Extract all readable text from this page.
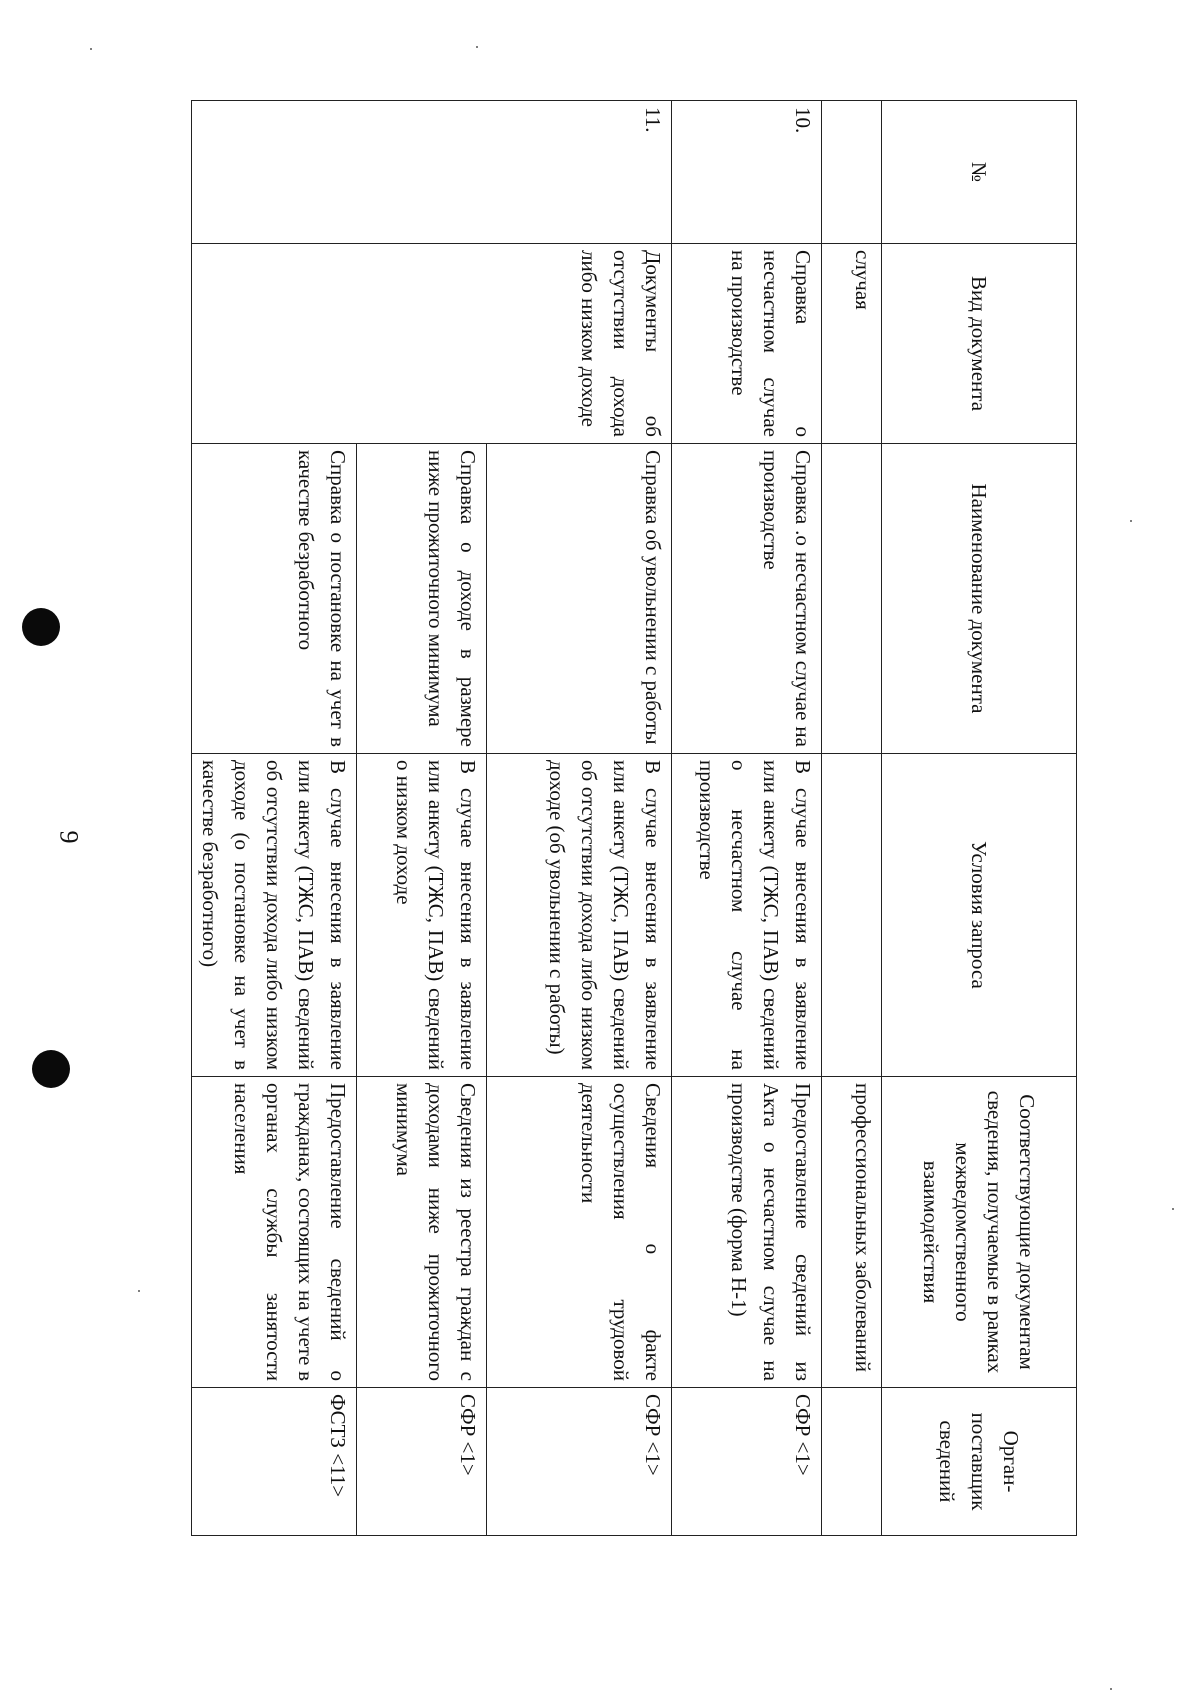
9
№	Вид документа	Наименование документа	Условия запроса	Соответствующие документам сведения, получаемые в рамках межведомственного взаимодействия	Орган-поставщик сведений
	случая			профессиональных заболеваний	
10.	Справка о несчастном случае на производстве	Справка .о несчастном случае на производстве	В случае внесения в заявление или анкету (ТЖС, ПАВ) сведений о несчастном случае на производстве	Предоставление сведений из Акта о несчастном случае на производстве (форма Н-1)	СФР <1>
11.	Документы об отсутствии дохода либо низком доходе	Справка об увольнении с работы	В случае внесения в заявление или анкету (ТЖС, ПАВ) сведений об отсутствии дохода либо низком доходе (об увольнении с работы)	Сведения о факте осуществления трудовой деятельности	СФР <1>
		Справка о доходе в размере ниже прожиточного минимума	В случае внесения в заявление или анкету (ТЖС, ПАВ) сведений о низком доходе	Сведения из реестра граждан с доходами ниже прожиточного минимума	СФР <1>
		Справка о постановке на учет в качестве безработного	В случае внесения в заявление или анкету (ТЖС, ПАВ) сведений об отсутствии дохода либо низком доходе (о постановке на учет в качестве безработного)	Предоставление сведений о гражданах, состоящих на учете в органах службы занятости населения	ФСТЗ <11>
